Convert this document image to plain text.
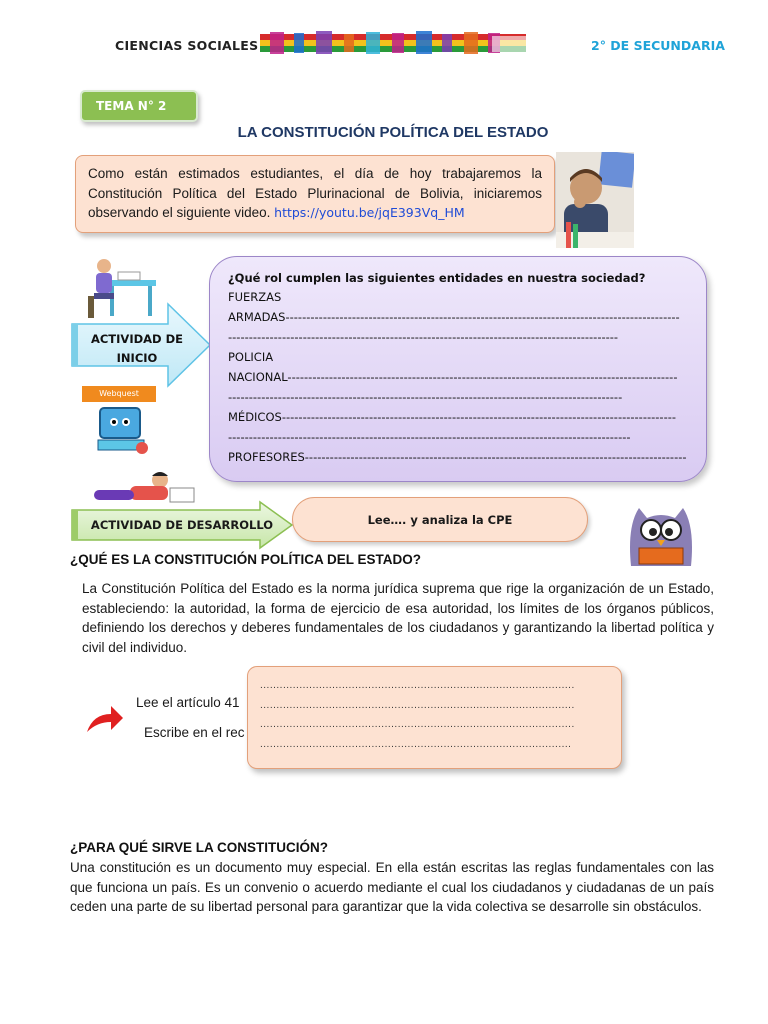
CIENCIAS SOCIALES	2° DE SECUNDARIA
TEMA N° 2
LA CONSTITUCIÓN POLÍTICA DEL ESTADO
Como están estimados estudiantes, el día de hoy trabajaremos la Constitución Política del Estado Plurinacional de Bolivia, iniciaremos observando el siguiente video. https://youtu.be/jqE393Vq_HM
ACTIVIDAD DE
INICIO
Webquest
¿Qué rol cumplen las siguientes entidades en nuestra sociedad?
FUERZAS
ARMADAS-----------------------------------------------------------------------------------------------
----------------------------------------------------------------------------------------------
POLICIA
NACIONAL----------------------------------------------------------------------------------------------
-----------------------------------------------------------------------------------------------
MÉDICOS-----------------------------------------------------------------------------------------------
-------------------------------------------------------------------------------------------------
PROFESORES--------------------------------------------------------------------------------------------
ACTIVIDAD DE DESARROLLO	Lee…. y analiza la CPE
¿QUÉ ES LA CONSTITUCIÓN POLÍTICA DEL ESTADO?
La Constitución Política del Estado es la norma jurídica suprema que rige la organización de un Estado, estableciendo: la autoridad, la forma de ejercicio de esa autoridad, los límites de los órganos públicos, definiendo los derechos y deberes fundamentales de los ciudadanos y garantizando la libertad política y civil del individuo.
Lee el artículo 41
Escribe en el rec
................................................................................................
................................................................................................
................................................................................................
...............................................................................................
¿PARA QUÉ SIRVE LA CONSTITUCIÓN?
Una constitución es un documento muy especial. En ella están escritas las reglas fundamentales con las que funciona un país. Es un convenio o acuerdo mediante el cual los ciudadanos y ciudadanas de un país ceden una parte de su libertad personal para garantizar que la vida colectiva se desarrolle sin obstáculos.
